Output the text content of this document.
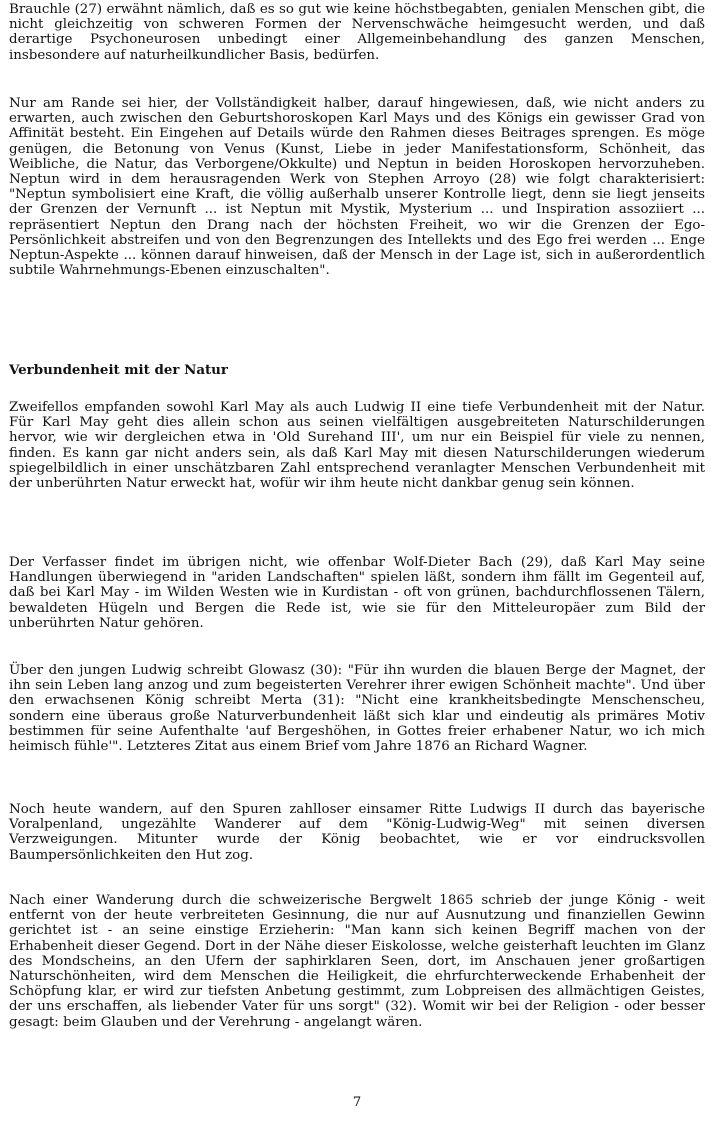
Brauchle (27) erwähnt nämlich, daß es so gut wie keine höchstbegabten, genialen Menschen gibt, die nicht gleichzeitig von schweren Formen der Nervenschwäche heimgesucht werden, und daß derartige Psychoneurosen unbedingt einer Allgemeinbehandlung des ganzen Menschen, insbesondere auf naturheilkundlicher Basis, bedürfen.

Nur am Rande sei hier, der Vollständigkeit halber, darauf hingewiesen, daß, wie nicht anders zu erwarten, auch zwischen den Geburtshoroskopen Karl Mays und des Königs ein gewisser Grad von Affinität besteht. Ein Eingehen auf Details würde den Rahmen dieses Beitrages sprengen. Es möge genügen, die Betonung von Venus (Kunst, Liebe in jeder Manifestationsform, Schönheit, das Weibliche, die Natur, das Verborgene/Okkulte) und Neptun in beiden Horoskopen hervorzuheben. Neptun wird in dem herausragenden Werk von Stephen Arroyo (28) wie folgt charakterisiert: "Neptun symbolisiert eine Kraft, die völlig außerhalb unserer Kontrolle liegt, denn sie liegt jenseits der Grenzen der Vernunft ... ist Neptun mit Mystik, Mysterium ... und Inspiration assoziiert ... repräsentiert Neptun den Drang nach der höchsten Freiheit, wo wir die Grenzen der Ego-Persönlichkeit abstreifen und von den Begrenzungen des Intellekts und des Ego frei werden ... Enge Neptun-Aspekte ... können darauf hinweisen, daß der Mensch in der Lage ist, sich in außerordentlich subtile Wahrnehmungs-Ebenen einzuschalten".

Verbundenheit mit der Natur

Zweifellos empfanden sowohl Karl May als auch Ludwig II eine tiefe Verbundenheit mit der Natur. Für Karl May geht dies allein schon aus seinen vielfältigen ausgebreiteten Naturschilderungen hervor, wie wir dergleichen etwa in 'Old Surehand III', um nur ein Beispiel für viele zu nennen, finden. Es kann gar nicht anders sein, als daß Karl May mit diesen Naturschilderungen wiederum spiegelbildlich in einer unschätzbaren Zahl entsprechend veranlagter Menschen Verbundenheit mit der unberührten Natur erweckt hat, wofür wir ihm heute nicht dankbar genug sein können.

Der Verfasser findet im übrigen nicht, wie offenbar Wolf-Dieter Bach (29), daß Karl May seine Handlungen überwiegend in "ariden Landschaften" spielen läßt, sondern ihm fällt im Gegenteil auf, daß bei Karl May - im Wilden Westen wie in Kurdistan - oft von grünen, bachdurchflossenen Tälern, bewaldeten Hügeln und Bergen die Rede ist, wie sie für den Mitteleuropäer zum Bild der unberührten Natur gehören.

Über den jungen Ludwig schreibt Glowasz (30): "Für ihn wurden die blauen Berge der Magnet, der ihn sein Leben lang anzog und zum begeisterten Verehrer ihrer ewigen Schönheit machte". Und über den erwachsenen König schreibt Merta (31): "Nicht eine krankheitsbedingte Menschenscheu, sondern eine überaus große Naturverbundenheit läßt sich klar und eindeutig als primäres Motiv bestimmen für seine Aufenthalte 'auf Bergeshöhen, in Gottes freier erhabener Natur, wo ich mich heimisch fühle'". Letzteres Zitat aus einem Brief vom Jahre 1876 an Richard Wagner.

Noch heute wandern, auf den Spuren zahlloser einsamer Ritte Ludwigs II durch das bayerische Voralpenland, ungezählte Wanderer auf dem "König-Ludwig-Weg" mit seinen diversen Verzweigungen. Mitunter wurde der König beobachtet, wie er vor eindrucksvollen Baumpersönlichkeiten den Hut zog.

Nach einer Wanderung durch die schweizerische Bergwelt 1865 schrieb der junge König - weit entfernt von der heute verbreiteten Gesinnung, die nur auf Ausnutzung und finanziellen Gewinn gerichtet ist - an seine einstige Erzieherin: "Man kann sich keinen Begriff machen von der Erhabenheit dieser Gegend. Dort in der Nähe dieser Eiskolosse, welche geisterhaft leuchten im Glanz des Mondscheins, an den Ufern der saphirklaren Seen, dort, im Anschauen jener großartigen Naturschönheiten, wird dem Menschen die Heiligkeit, die ehrfurchterweckende Erhabenheit der Schöpfung klar, er wird zur tiefsten Anbetung gestimmt, zum Lobpreisen des allmächtigen Geistes, der uns erschaffen, als liebender Vater für uns sorgt" (32). Womit wir bei der Religion - oder besser gesagt: beim Glauben und der Verehrung - angelangt wären.

7
